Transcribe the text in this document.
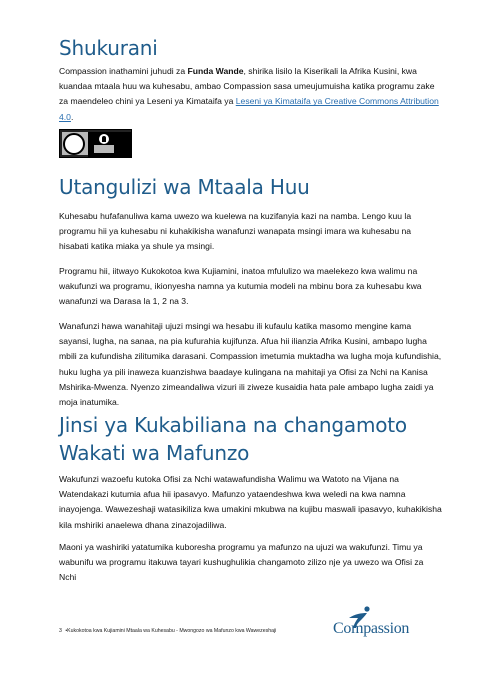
Shukurani

Compassion inathamini juhudi za Funda Wande, shirika lisilo la Kiserikali la Afrika Kusini, kwa kuandaa mtaala huu wa kuhesabu, ambao Compassion sasa umeujumuisha katika programu zake za maendeleo chini ya Leseni ya Kimataifa ya Leseni ya Kimataifa ya Creative Commons Attribution 4.0.

Utangulizi wa Mtaala Huu

Kuhesabu hufafanuliwa kama uwezo wa kuelewa na kuzifanyia kazi na namba. Lengo kuu la programu hii ya kuhesabu ni kuhakikisha wanafunzi wanapata msingi imara wa kuhesabu na hisabati katika miaka ya shule ya msingi.

Programu hii, iitwayo Kukokotoa kwa Kujiamini, inatoa mfululizo wa maelekezo kwa walimu na wakufunzi wa programu, ikionyesha namna ya kutumia modeli na mbinu bora za kuhesabu kwa wanafunzi wa Darasa la 1, 2 na 3.

Wanafunzi hawa wanahitaji ujuzi msingi wa hesabu ili kufaulu katika masomo mengine kama sayansi, lugha, na sanaa, na pia kufurahia kujifunza. Afua hii ilianzia Afrika Kusini, ambapo lugha mbili za kufundisha zilitumika darasani. Compassion imetumia muktadha wa lugha moja kufundishia, huku lugha ya pili inaweza kuanzishwa baadaye kulingana na mahitaji ya Ofisi za Nchi na Kanisa Mshirika-Mwenza. Nyenzo zimeandaliwa vizuri ili ziweze kusaidia hata pale ambapo lugha zaidi ya moja inatumika.

Jinsi ya Kukabiliana na changamoto Wakati wa Mafunzo

Wakufunzi wazoefu kutoka Ofisi za Nchi watawafundisha Walimu wa Watoto na Vijana na Watendakazi kutumia afua hii ipasavyo. Mafunzo yataendeshwa kwa weledi na kwa namna inayojenga. Wawezeshaji watasikiliza kwa umakini mkubwa na kujibu maswali ipasavyo, kuhakikisha kila mshiriki anaelewa dhana zinazojadiliwa.

Maoni ya washiriki yatatumika kuboresha programu ya mafunzo na ujuzi wa wakufunzi. Timu ya wabunifu wa programu itakuwa tayari kushughulikia changamoto zilizo nje ya uwezo wa Ofisi za Nchi

3 •Kukokotoa kwa Kujiamini Mtaala wa Kuhesabu - Mwongozo wa Mafunzo kwa Wawezeshaji	Compassion
